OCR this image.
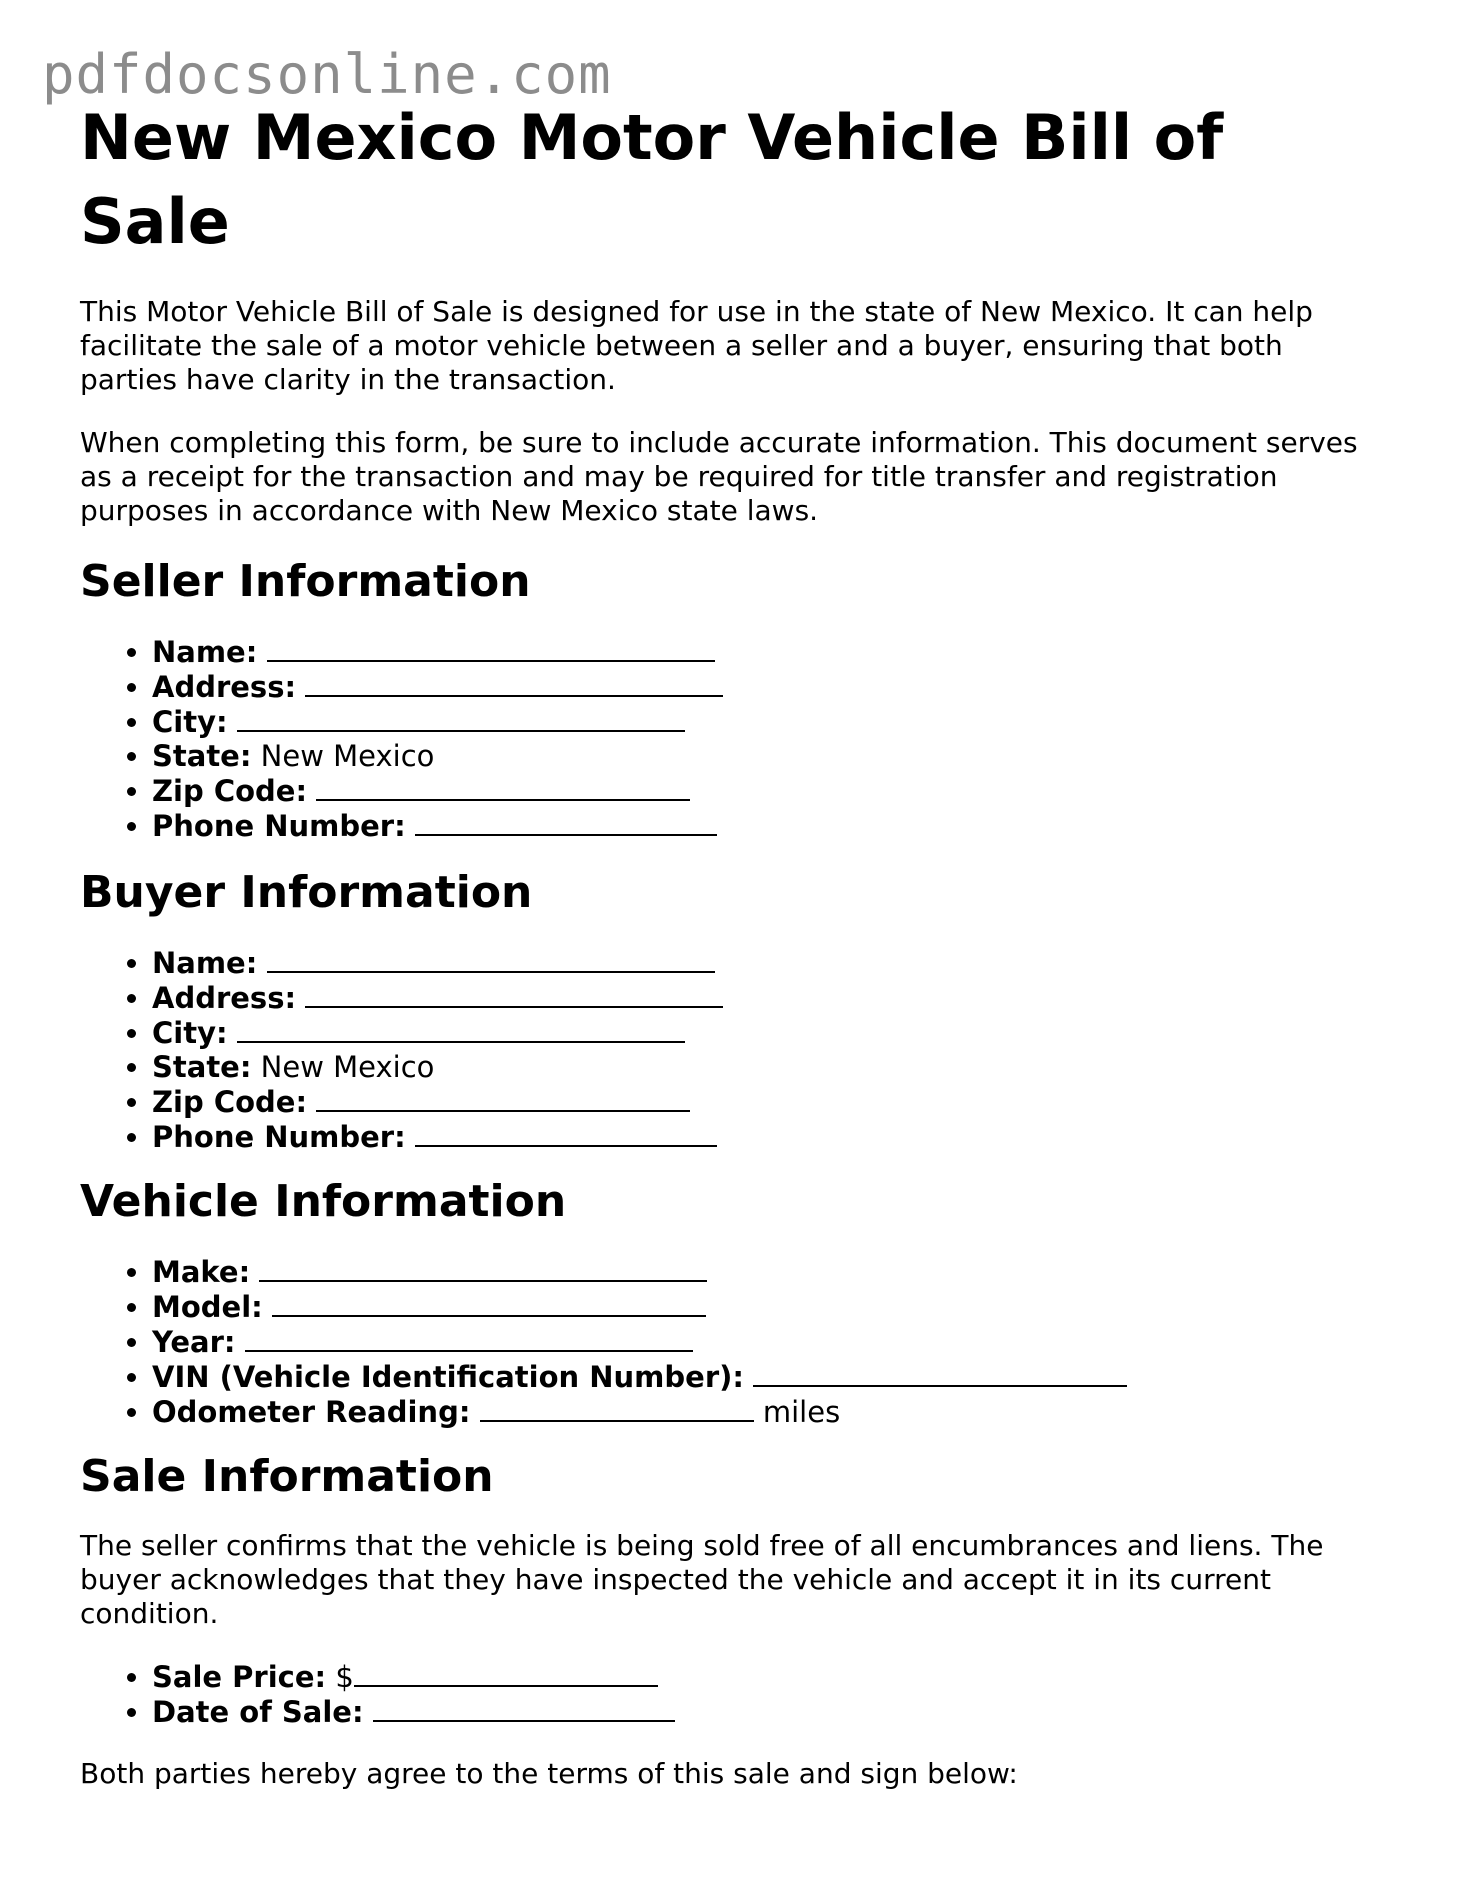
pdfdocsonline.com
New Mexico Motor Vehicle Bill of Sale

This Motor Vehicle Bill of Sale is designed for use in the state of New Mexico. It can help facilitate the sale of a motor vehicle between a seller and a buyer, ensuring that both parties have clarity in the transaction.

When completing this form, be sure to include accurate information. This document serves as a receipt for the transaction and may be required for title transfer and registration purposes in accordance with New Mexico state laws.

Seller Information
• Name:
• Address:
• City:
• State: New Mexico
• Zip Code:
• Phone Number:
Buyer Information
• Name:
• Address:
• City:
• State: New Mexico
• Zip Code:
• Phone Number:
Vehicle Information
• Make:
• Model:
• Year:
• VIN (Vehicle Identification Number):
• Odometer Reading:	miles
Sale Information

The seller confirms that the vehicle is being sold free of all encumbrances and liens. The buyer acknowledges that they have inspected the vehicle and accept it in its current condition.

• Sale Price: $
• Date of Sale:

Both parties hereby agree to the terms of this sale and sign below:
